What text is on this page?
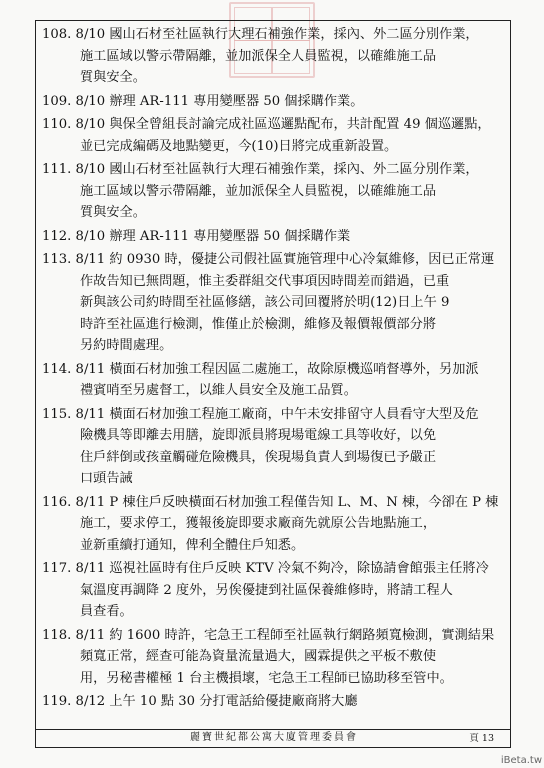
108. 8/10 國山石材至社區執行大理石補強作業，採內、外二區分別作業，
施工區域以警示帶隔離，並加派保全人員監視，以確維施工品
質與安全。
109. 8/10 辦理 AR-111 專用變壓器 50 個採購作業。
110. 8/10 與保全曾組長討論完成社區巡邏點配布，共計配置 49 個巡邏點，
並已完成編碼及地點變更，今(10)日將完成重新設置。
111. 8/10 國山石材至社區執行大理石補強作業，採內、外二區分別作業，
施工區域以警示帶隔離，並加派保全人員監視，以確維施工品
質與安全。
112. 8/10 辦理 AR-111 專用變壓器 50 個採購作業
113. 8/11 約 0930 時，優捷公司假社區實施管理中心冷氣維修，因已正常運
作故告知已無問題，惟主委群組交代事項因時間差而錯過，已重
新與該公司約時間至社區修繕，該公司回覆將於明(12)日上午 9
時許至社區進行檢測，惟僅止於檢測，維修及報價報價部分將
另約時間處理。
114. 8/11 橫面石材加強工程因區二處施工，故除原機巡哨督導外，另加派
禮賓哨至另處督工，以維人員安全及施工品質。
115. 8/11 橫面石材加強工程施工廠商，中午未安排留守人員看守大型及危
險機具等即離去用膳，旋即派員將現場電線工具等收好，以免
住戶絆倒或孩童觸碰危險機具，俟現場負責人到場復已予嚴正
口頭告誡
116. 8/11 P 棟住戶反映橫面石材加強工程僅告知 L、M、N 棟，今卻在 P 棟
施工，要求停工，獲報後旋即要求廠商先就原公告地點施工，
並新重續打通知，俾利全體住戶知悉。
117. 8/11 巡視社區時有住戶反映 KTV 冷氣不夠冷，除協請會館張主任將冷
氣溫度再調降 2 度外，另俟優捷到社區保養維修時，將請工程人
員查看。
118. 8/11 約 1600 時許，宅急王工程師至社區執行網路頻寬檢測，實測結果
頻寬正常，經查可能為資量流量過大，國霖提供之平板不敷使
用，另秘書權極 1 台主機損壞，宅急王工程師已協助移至管中。
119. 8/12 上午 10 點 30 分打電話給優捷廠商將大廳
麗寶世紀都公寓大廈管理委員會	頁 13
iBeta.tw
